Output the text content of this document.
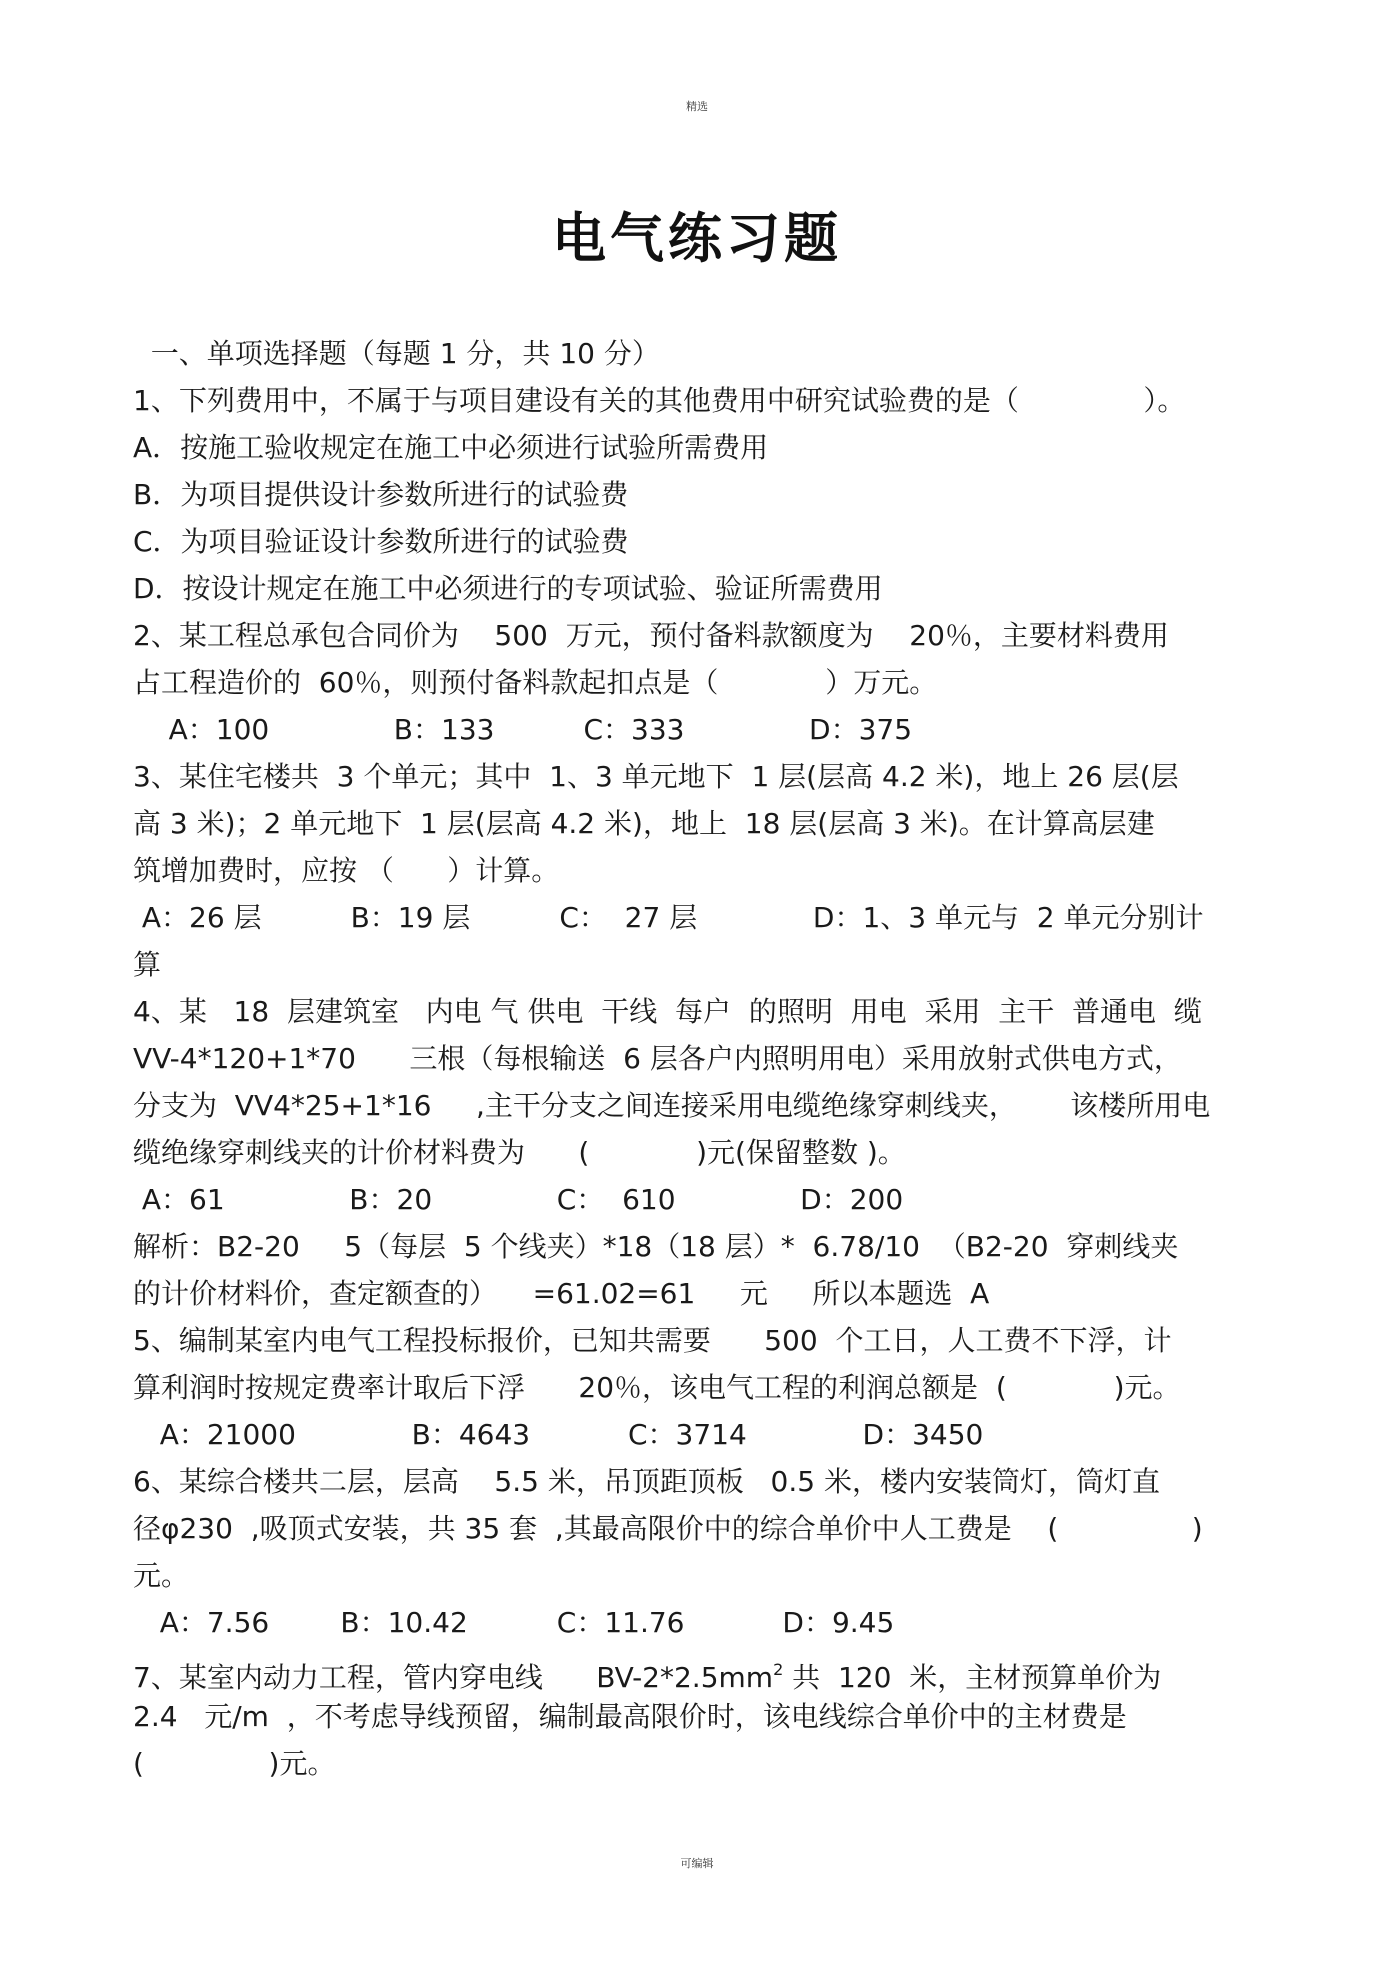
精选
电气练习题
一、单项选择题（每题 1 分，共 10 分）
1、下列费用中，不属于与项目建设有关的其他费用中研究试验费的是（              ）。
A．按施工验收规定在施工中必须进行试验所需费用
B．为项目提供设计参数所进行的试验费
C．为项目验证设计参数所进行的试验费
D．按设计规定在施工中必须进行的专项试验、验证所需费用
2、某工程总承包合同价为    500  万元，预付备料款额度为    20％，主要材料费用
占工程造价的  60％，则预付备料款起扣点是（            ）万元。
A：100              B：133          C：333              D：375
3、某住宅楼共  3 个单元；其中  1、3 单元地下  1 层(层高 4.2 米)，地上 26 层(层
高 3 米)；2 单元地下  1 层(层高 4.2 米)，地上  18 层(层高 3 米)。在计算高层建
筑增加费时，应按 （      ）计算。
A：26 层          B：19 层          C：  27 层             D：1、3 单元与  2 单元分别计
算
4、某   18  层建筑室   内电 气 供电  干线  每户  的照明  用电  采用  主干  普通电  缆
VV-4*120+1*70      三根（每根输送  6 层各户内照明用电）采用放射式供电方式，
分支为  VV4*25+1*16     ,主干分支之间连接采用电缆绝缘穿刺线夹，      该楼所用电
缆绝缘穿刺线夹的计价材料费为      (            )元(保留整数 )。
A：61              B：20              C：  610              D：200
解析：B2-20     5（每层  5 个线夹）*18（18 层）*  6.78/10  （B2-20  穿刺线夹
的计价材料价，查定额查的）    =61.02=61     元     所以本题选  A
5、编制某室内电气工程投标报价，已知共需要      500  个工日，人工费不下浮，计
算利润时按规定费率计取后下浮      20％，该电气工程的利润总额是  (            )元。
A：21000             B：4643           C：3714             D：3450
6、某综合楼共二层，层高    5.5 米，吊顶距顶板   0.5 米，楼内安装筒灯，筒灯直
径φ230  ,吸顶式安装，共 35 套  ,其最高限价中的综合单价中人工费是    (               )
元。
A：7.56        B：10.42          C：11.76           D：9.45
7、某室内动力工程，管内穿电线      $BV-2*2.5mm^2$ 共  120  米，主材预算单价为
2.4   元/m  ，不考虑导线预留，编制最高限价时，该电线综合单价中的主材费是
(              )元。
可编辑
